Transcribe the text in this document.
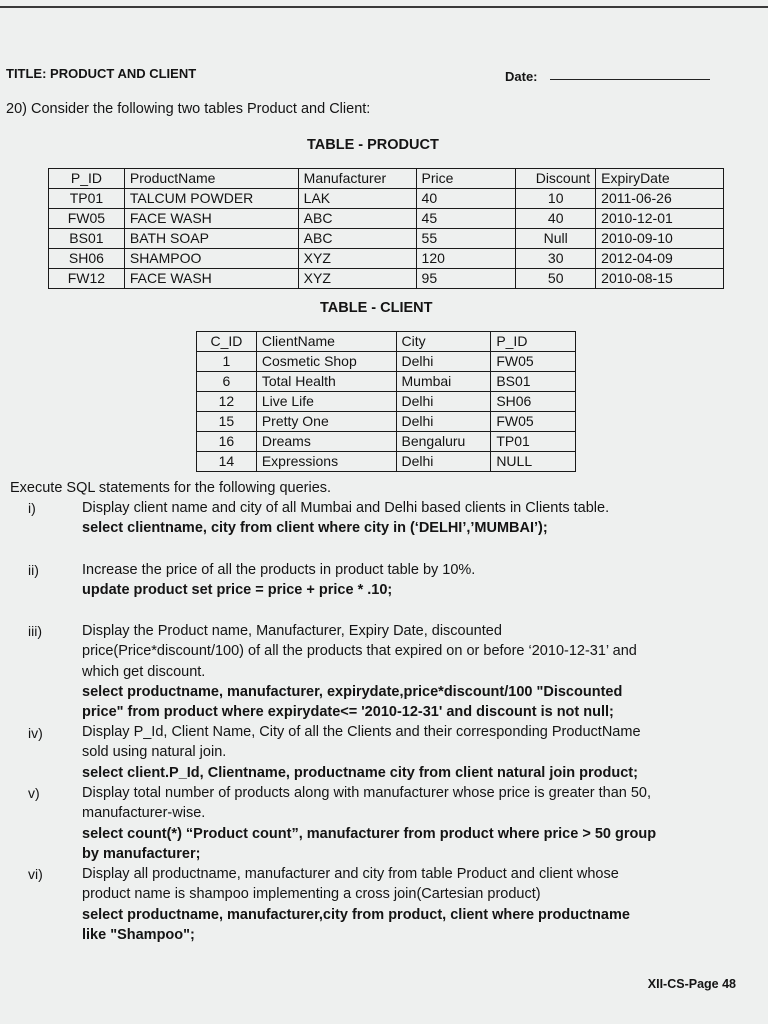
TITLE: PRODUCT AND CLIENT	Date:
20) Consider the following two tables Product and Client:
TABLE - PRODUCT
P_ID	ProductName	Manufacturer	Price	Discount	ExpiryDate
TP01	TALCUM POWDER	LAK	40	10	2011-06-26
FW05	FACE WASH	ABC	45	40	2010-12-01
BS01	BATH SOAP	ABC	55	Null	2010-09-10
SH06	SHAMPOO	XYZ	120	30	2012-04-09
FW12	FACE WASH	XYZ	95	50	2010-08-15
TABLE - CLIENT
C_ID	ClientName	City	P_ID
1	Cosmetic Shop	Delhi	FW05
6	Total Health	Mumbai	BS01
12	Live Life	Delhi	SH06
15	Pretty One	Delhi	FW05
16	Dreams	Bengaluru	TP01
14	Expressions	Delhi	NULL
Execute SQL statements for the following queries.
i)	Display client name and city of all Mumbai and Delhi based clients in Clients table.
select clientname, city from client where city in (‘DELHI’,’MUMBAI’);
ii)	Increase the price of all the products in product table by 10%.
update product set price = price + price * .10;
iii)	Display the Product name, Manufacturer, Expiry Date, discounted
price(Price*discount/100) of all the products that expired on or before ‘2010-12-31’ and
which get discount.
select productname, manufacturer, expirydate,price*discount/100 "Discounted
price" from product where expirydate<= '2010-12-31' and discount is not null;
iv)	Display P_Id, Client Name, City of all the Clients and their corresponding ProductName
sold using natural join.
select client.P_Id, Clientname, productname city from client natural join product;
v)	Display total number of products along with manufacturer whose price is greater than 50,
manufacturer-wise.
select count(*) “Product count”, manufacturer from product where price > 50 group
by manufacturer;
vi)	Display all productname, manufacturer and city from table Product and client whose
product name is shampoo implementing a cross join(Cartesian product)
select productname, manufacturer,city from product, client where productname
like "Shampoo";
XII-CS-Page 48
